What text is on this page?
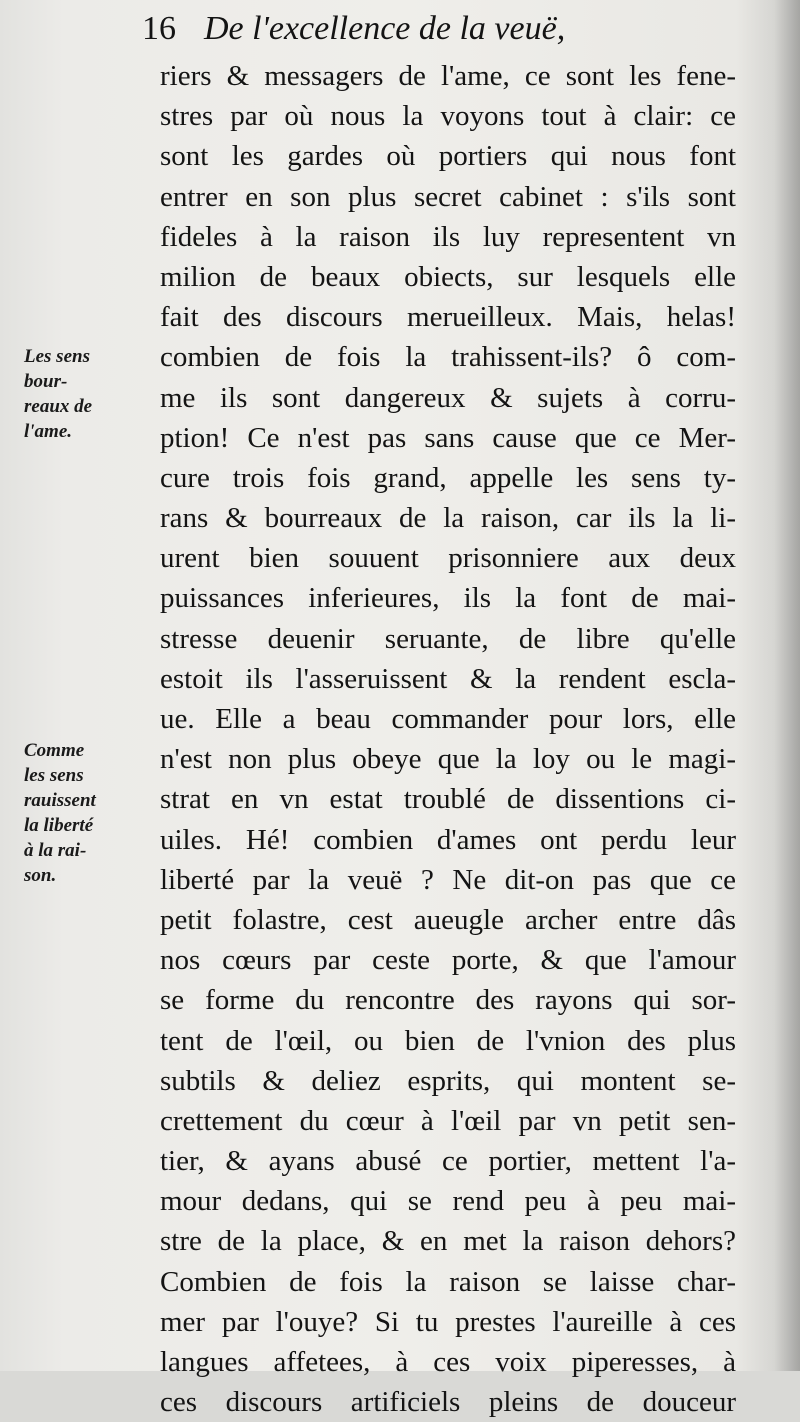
16 De l'excellence de la veuë,
Les sens
bour-
reaux de
l'ame.
Comme
les sens
rauissent
la liberté
à la rai-
son.
riers & messagers de l'ame, ce sont les fene-
stres par où nous la voyons tout à clair: ce
sont les gardes où portiers qui nous font
entrer en son plus secret cabinet : s'ils sont
fideles à la raison ils luy representent vn
milion de beaux obiects, sur lesquels elle
fait des discours merueilleux. Mais, helas!
combien de fois la trahissent-ils? ô com-
me ils sont dangereux & sujets à corru-
ption! Ce n'est pas sans cause que ce Mer-
cure trois fois grand, appelle les sens ty-
rans & bourreaux de la raison, car ils la li-
urent bien souuent prisonniere aux deux
puissances inferieures, ils la font de mai-
stresse deuenir seruante, de libre qu'elle
estoit ils l'asseruissent & la rendent escla-
ue. Elle a beau commander pour lors, elle
n'est non plus obeye que la loy ou le magi-
strat en vn estat troublé de dissentions ci-
uiles. Hé! combien d'ames ont perdu leur
liberté par la veuë ? Ne dit-on pas que ce
petit folastre, cest aueugle archer entre dâs
nos cœurs par ceste porte, & que l'amour
se forme du rencontre des rayons qui sor-
tent de l'œil, ou bien de l'vnion des plus
subtils & deliez esprits, qui montent se-
crettement du cœur à l'œil par vn petit sen-
tier, & ayans abusé ce portier, mettent l'a-
mour dedans, qui se rend peu à peu mai-
stre de la place, & en met la raison dehors?
Combien de fois la raison se laisse char-
mer par l'ouye? Si tu prestes l'aureille à ces
langues affetees, à ces voix piperesses, à
ces discours artificiels pleins de douceur
